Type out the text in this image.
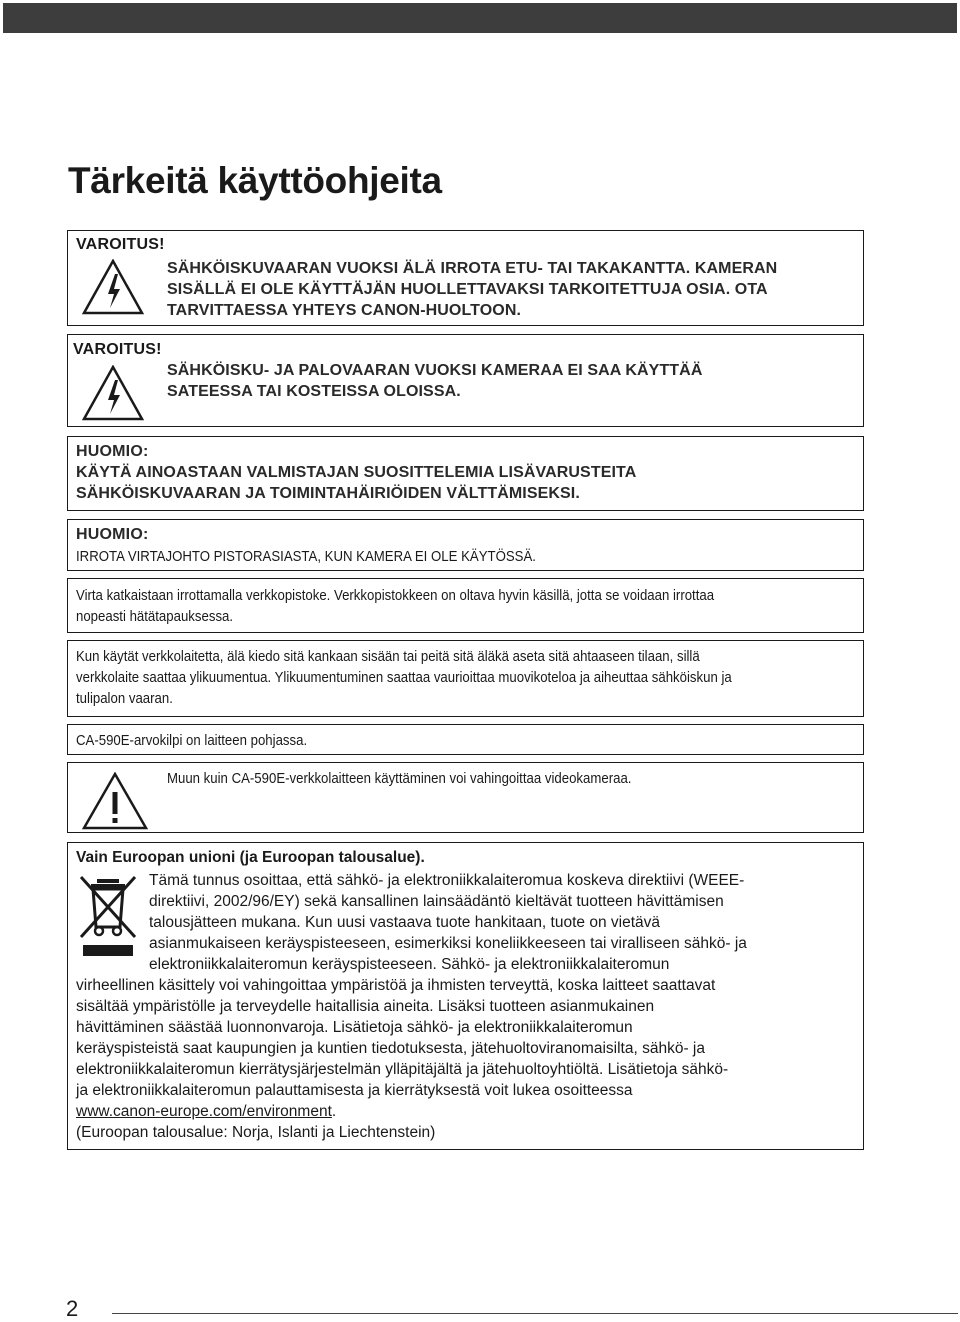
Tärkeitä käyttöohjeita
VAROITUS!
SÄHKÖISKUVAARAN VUOKSI ÄLÄ IRROTA ETU- TAI TAKAKANTTA. KAMERAN
SISÄLLÄ EI OLE KÄYTTÄJÄN HUOLLETTAVAKSI TARKOITETTUJA OSIA. OTA
TARVITTAESSA YHTEYS CANON-HUOLTOON.
VAROITUS!
SÄHKÖISKU- JA PALOVAARAN VUOKSI KAMERAA EI SAA KÄYTTÄÄ
SATEESSA TAI KOSTEISSA OLOISSA.
HUOMIO:
KÄYTÄ AINOASTAAN VALMISTAJAN SUOSITTELEMIA LISÄVARUSTEITA
SÄHKÖISKUVAARAN JA TOIMINTAHÄIRIÖIDEN VÄLTTÄMISEKSI.
HUOMIO:
IRROTA VIRTAJOHTO PISTORASIASTA, KUN KAMERA EI OLE KÄYTÖSSÄ.
Virta katkaistaan irrottamalla verkkopistoke. Verkkopistokkeen on oltava hyvin käsillä, jotta se voidaan irrottaa
nopeasti hätätapauksessa.
Kun käytät verkkolaitetta, älä kiedo sitä kankaan sisään tai peitä sitä äläkä aseta sitä ahtaaseen tilaan, sillä
verkkolaite saattaa ylikuumentua. Ylikuumentuminen saattaa vaurioittaa muovikoteloa ja aiheuttaa sähköiskun ja
tulipalon vaaran.
CA-590E-arvokilpi on laitteen pohjassa.
Muun kuin CA-590E-verkkolaitteen käyttäminen voi vahingoittaa videokameraa.
Vain Euroopan unioni (ja Euroopan talousalue).
Tämä tunnus osoittaa, että sähkö- ja elektroniikkalaiteromua koskeva direktiivi (WEEE-
direktiivi, 2002/96/EY) sekä kansallinen lainsäädäntö kieltävät tuotteen hävittämisen
talousjätteen mukana. Kun uusi vastaava tuote hankitaan, tuote on vietävä
asianmukaiseen keräyspisteeseen, esimerkiksi koneliikkeeseen tai viralliseen sähkö- ja
elektroniikkalaiteromun keräyspisteeseen. Sähkö- ja elektroniikkalaiteromun
virheellinen käsittely voi vahingoittaa ympäristöä ja ihmisten terveyttä, koska laitteet saattavat
sisältää ympäristölle ja terveydelle haitallisia aineita. Lisäksi tuotteen asianmukainen
hävittäminen säästää luonnonvaroja. Lisätietoja sähkö- ja elektroniikkalaiteromun
keräyspisteistä saat kaupungien ja kuntien tiedotuksesta, jätehuoltoviranomaisilta, sähkö- ja
elektroniikkalaiteromun kierrätysjärjestelmän ylläpitäjältä ja jätehuoltoyhtiöltä. Lisätietoja sähkö-
ja elektroniikkalaiteromun palauttamisesta ja kierrätyksestä voit lukea osoitteessa
www.canon-europe.com/environment.
(Euroopan talousalue: Norja, Islanti ja Liechtenstein)
2
